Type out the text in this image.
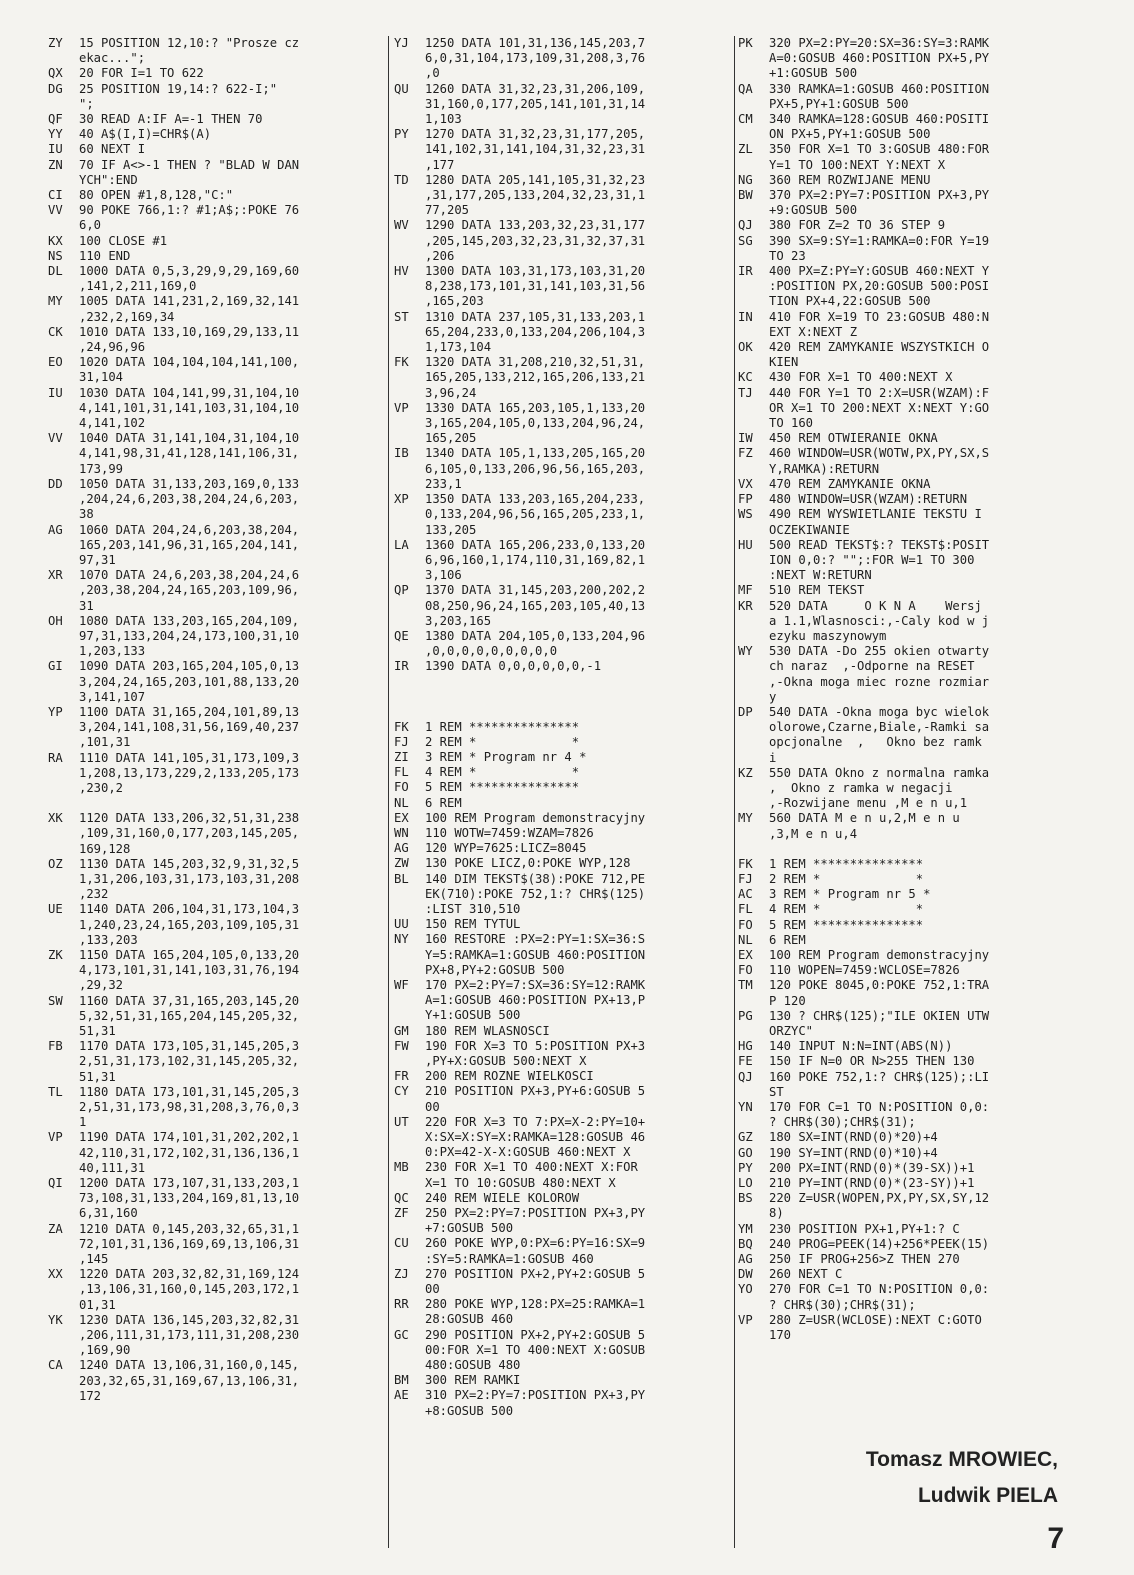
ZY	15 POSITION 12,10:? "Prosze cz
ekac...";
QX	20 FOR I=1 TO 622
DG	25 POSITION 19,14:? 622-I;"
";
QF	30 READ A:IF A=-1 THEN 70
YY	40 A$(I,I)=CHR$(A)
IU	60 NEXT I
ZN	70 IF A<>-1 THEN ? "BLAD W DAN
YCH":END
CI	80 OPEN #1,8,128,"C:"
VV	90 POKE 766,1:? #1;A$;:POKE 76
6,0
KX	100 CLOSE #1
NS	110 END
DL	1000 DATA 0,5,3,29,9,29,169,60
,141,2,211,169,0
MY	1005 DATA 141,231,2,169,32,141
,232,2,169,34
CK	1010 DATA 133,10,169,29,133,11
,24,96,96
EO	1020 DATA 104,104,104,141,100,
31,104
IU	1030 DATA 104,141,99,31,104,10
4,141,101,31,141,103,31,104,10
4,141,102
VV	1040 DATA 31,141,104,31,104,10
4,141,98,31,41,128,141,106,31,
173,99
DD	1050 DATA 31,133,203,169,0,133
,204,24,6,203,38,204,24,6,203,
38
AG	1060 DATA 204,24,6,203,38,204,
165,203,141,96,31,165,204,141,
97,31
XR	1070 DATA 24,6,203,38,204,24,6
,203,38,204,24,165,203,109,96,
31
OH	1080 DATA 133,203,165,204,109,
97,31,133,204,24,173,100,31,10
1,203,133
GI	1090 DATA 203,165,204,105,0,13
3,204,24,165,203,101,88,133,20
3,141,107
YP	1100 DATA 31,165,204,101,89,13
3,204,141,108,31,56,169,40,237
,101,31
RA	1110 DATA 141,105,31,173,109,3
1,208,13,173,229,2,133,205,173
,230,2
XK	1120 DATA 133,206,32,51,31,238
,109,31,160,0,177,203,145,205,
169,128
OZ	1130 DATA 145,203,32,9,31,32,5
1,31,206,103,31,173,103,31,208
,232
UE	1140 DATA 206,104,31,173,104,3
1,240,23,24,165,203,109,105,31
,133,203
ZK	1150 DATA 165,204,105,0,133,20
4,173,101,31,141,103,31,76,194
,29,32
SW	1160 DATA 37,31,165,203,145,20
5,32,51,31,165,204,145,205,32,
51,31
FB	1170 DATA 173,105,31,145,205,3
2,51,31,173,102,31,145,205,32,
51,31
TL	1180 DATA 173,101,31,145,205,3
2,51,31,173,98,31,208,3,76,0,3
1
VP	1190 DATA 174,101,31,202,202,1
42,110,31,172,102,31,136,136,1
40,111,31
QI	1200 DATA 173,107,31,133,203,1
73,108,31,133,204,169,81,13,10
6,31,160
ZA	1210 DATA 0,145,203,32,65,31,1
72,101,31,136,169,69,13,106,31
,145
XX	1220 DATA 203,32,82,31,169,124
,13,106,31,160,0,145,203,172,1
01,31
YK	1230 DATA 136,145,203,32,82,31
,206,111,31,173,111,31,208,230
,169,90
CA	1240 DATA 13,106,31,160,0,145,
203,32,65,31,169,67,13,106,31,
172
YJ	1250 DATA 101,31,136,145,203,7
6,0,31,104,173,109,31,208,3,76
,0
QU	1260 DATA 31,32,23,31,206,109,
31,160,0,177,205,141,101,31,14
1,103
PY	1270 DATA 31,32,23,31,177,205,
141,102,31,141,104,31,32,23,31
,177
TD	1280 DATA 205,141,105,31,32,23
,31,177,205,133,204,32,23,31,1
77,205
WV	1290 DATA 133,203,32,23,31,177
,205,145,203,32,23,31,32,37,31
,206
HV	1300 DATA 103,31,173,103,31,20
8,238,173,101,31,141,103,31,56
,165,203
ST	1310 DATA 237,105,31,133,203,1
65,204,233,0,133,204,206,104,3
1,173,104
FK	1320 DATA 31,208,210,32,51,31,
165,205,133,212,165,206,133,21
3,96,24
VP	1330 DATA 165,203,105,1,133,20
3,165,204,105,0,133,204,96,24,
165,205
IB	1340 DATA 105,1,133,205,165,20
6,105,0,133,206,96,56,165,203,
233,1
XP	1350 DATA 133,203,165,204,233,
0,133,204,96,56,165,205,233,1,
133,205
LA	1360 DATA 165,206,233,0,133,20
6,96,160,1,174,110,31,169,82,1
3,106
QP	1370 DATA 31,145,203,200,202,2
08,250,96,24,165,203,105,40,13
3,203,165
QE	1380 DATA 204,105,0,133,204,96
,0,0,0,0,0,0,0,0,0
IR	1390 DATA 0,0,0,0,0,0,-1
FK	1 REM ***************
FJ	2 REM *             *
ZI	3 REM * Program nr 4 *
FL	4 REM *             *
FO	5 REM ***************
NL	6 REM
EX	100 REM Program demonstracyjny
WN	110 WOTW=7459:WZAM=7826
AG	120 WYP=7625:LICZ=8045
ZW	130 POKE LICZ,0:POKE WYP,128
BL	140 DIM TEKST$(38):POKE 712,PE
EK(710):POKE 752,1:? CHR$(125)
:LIST 310,510
UU	150 REM TYTUL
NY	160 RESTORE :PX=2:PY=1:SX=36:S
Y=5:RAMKA=1:GOSUB 460:POSITION
PX+8,PY+2:GOSUB 500
WF	170 PX=2:PY=7:SX=36:SY=12:RAMK
A=1:GOSUB 460:POSITION PX+13,P
Y+1:GOSUB 500
GM	180 REM WLASNOSCI
FW	190 FOR X=3 TO 5:POSITION PX+3
,PY+X:GOSUB 500:NEXT X
FR	200 REM ROZNE WIELKOSCI
CY	210 POSITION PX+3,PY+6:GOSUB 5
00
UT	220 FOR X=3 TO 7:PX=X-2:PY=10+
X:SX=X:SY=X:RAMKA=128:GOSUB 46
0:PX=42-X-X:GOSUB 460:NEXT X
MB	230 FOR X=1 TO 400:NEXT X:FOR
X=1 TO 10:GOSUB 480:NEXT X
QC	240 REM WIELE KOLOROW
ZF	250 PX=2:PY=7:POSITION PX+3,PY
+7:GOSUB 500
CU	260 POKE WYP,0:PX=6:PY=16:SX=9
:SY=5:RAMKA=1:GOSUB 460
ZJ	270 POSITION PX+2,PY+2:GOSUB 5
00
RR	280 POKE WYP,128:PX=25:RAMKA=1
28:GOSUB 460
GC	290 POSITION PX+2,PY+2:GOSUB 5
00:FOR X=1 TO 400:NEXT X:GOSUB
480:GOSUB 480
BM	300 REM RAMKI
AE	310 PX=2:PY=7:POSITION PX+3,PY
+8:GOSUB 500
PK	320 PX=2:PY=20:SX=36:SY=3:RAMK
A=0:GOSUB 460:POSITION PX+5,PY
+1:GOSUB 500
QA	330 RAMKA=1:GOSUB 460:POSITION
PX+5,PY+1:GOSUB 500
CM	340 RAMKA=128:GOSUB 460:POSITI
ON PX+5,PY+1:GOSUB 500
ZL	350 FOR X=1 TO 3:GOSUB 480:FOR
Y=1 TO 100:NEXT Y:NEXT X
NG	360 REM ROZWIJANE MENU
BW	370 PX=2:PY=7:POSITION PX+3,PY
+9:GOSUB 500
QJ	380 FOR Z=2 TO 36 STEP 9
SG	390 SX=9:SY=1:RAMKA=0:FOR Y=19
TO 23
IR	400 PX=Z:PY=Y:GOSUB 460:NEXT Y
:POSITION PX,20:GOSUB 500:POSI
TION PX+4,22:GOSUB 500
IN	410 FOR X=19 TO 23:GOSUB 480:N
EXT X:NEXT Z
OK	420 REM ZAMYKANIE WSZYSTKICH O
KIEN
KC	430 FOR X=1 TO 400:NEXT X
TJ	440 FOR Y=1 TO 2:X=USR(WZAM):F
OR X=1 TO 200:NEXT X:NEXT Y:GO
TO 160
IW	450 REM OTWIERANIE OKNA
FZ	460 WINDOW=USR(WOTW,PX,PY,SX,S
Y,RAMKA):RETURN
VX	470 REM ZAMYKANIE OKNA
FP	480 WINDOW=USR(WZAM):RETURN
WS	490 REM WYSWIETLANIE TEKSTU I
OCZEKIWANIE
HU	500 READ TEKST$:? TEKST$:POSIT
ION 0,0:? "";:FOR W=1 TO 300
:NEXT W:RETURN
MF	510 REM TEKST
KR	520 DATA     O K N A    Wersj
a 1.1,Wlasnosci:,-Caly kod w j
ezyku maszynowym
WY	530 DATA -Do 255 okien otwarty
ch naraz  ,-Odporne na RESET
,-Okna moga miec rozne rozmiar
y
DP	540 DATA -Okna moga byc wielok
olorowe,Czarne,Biale,-Ramki sa
opcjonalne  ,   Okno bez ramk
i
KZ	550 DATA Okno z normalna ramka
,  Okno z ramka w negacji
,-Rozwijane menu ,M e n u,1
MY	560 DATA M e n u,2,M e n u
,3,M e n u,4
FK	1 REM ***************
FJ	2 REM *             *
AC	3 REM * Program nr 5 *
FL	4 REM *             *
FO	5 REM ***************
NL	6 REM
EX	100 REM Program demonstracyjny
FO	110 WOPEN=7459:WCLOSE=7826
TM	120 POKE 8045,0:POKE 752,1:TRA
P 120
PG	130 ? CHR$(125);"ILE OKIEN UTW
ORZYC"
HG	140 INPUT N:N=INT(ABS(N))
FE	150 IF N=0 OR N>255 THEN 130
QJ	160 POKE 752,1:? CHR$(125);:LI
ST
YN	170 FOR C=1 TO N:POSITION 0,0:
? CHR$(30);CHR$(31);
GZ	180 SX=INT(RND(0)*20)+4
GO	190 SY=INT(RND(0)*10)+4
PY	200 PX=INT(RND(0)*(39-SX))+1
LO	210 PY=INT(RND(0)*(23-SY))+1
BS	220 Z=USR(WOPEN,PX,PY,SX,SY,12
8)
YM	230 POSITION PX+1,PY+1:? C
BQ	240 PROG=PEEK(14)+256*PEEK(15)
AG	250 IF PROG+256>Z THEN 270
DW	260 NEXT C
YO	270 FOR C=1 TO N:POSITION 0,0:
? CHR$(30);CHR$(31);
VP	280 Z=USR(WCLOSE):NEXT C:GOTO
170
Tomasz MROWIEC,
Ludwik PIELA
7
